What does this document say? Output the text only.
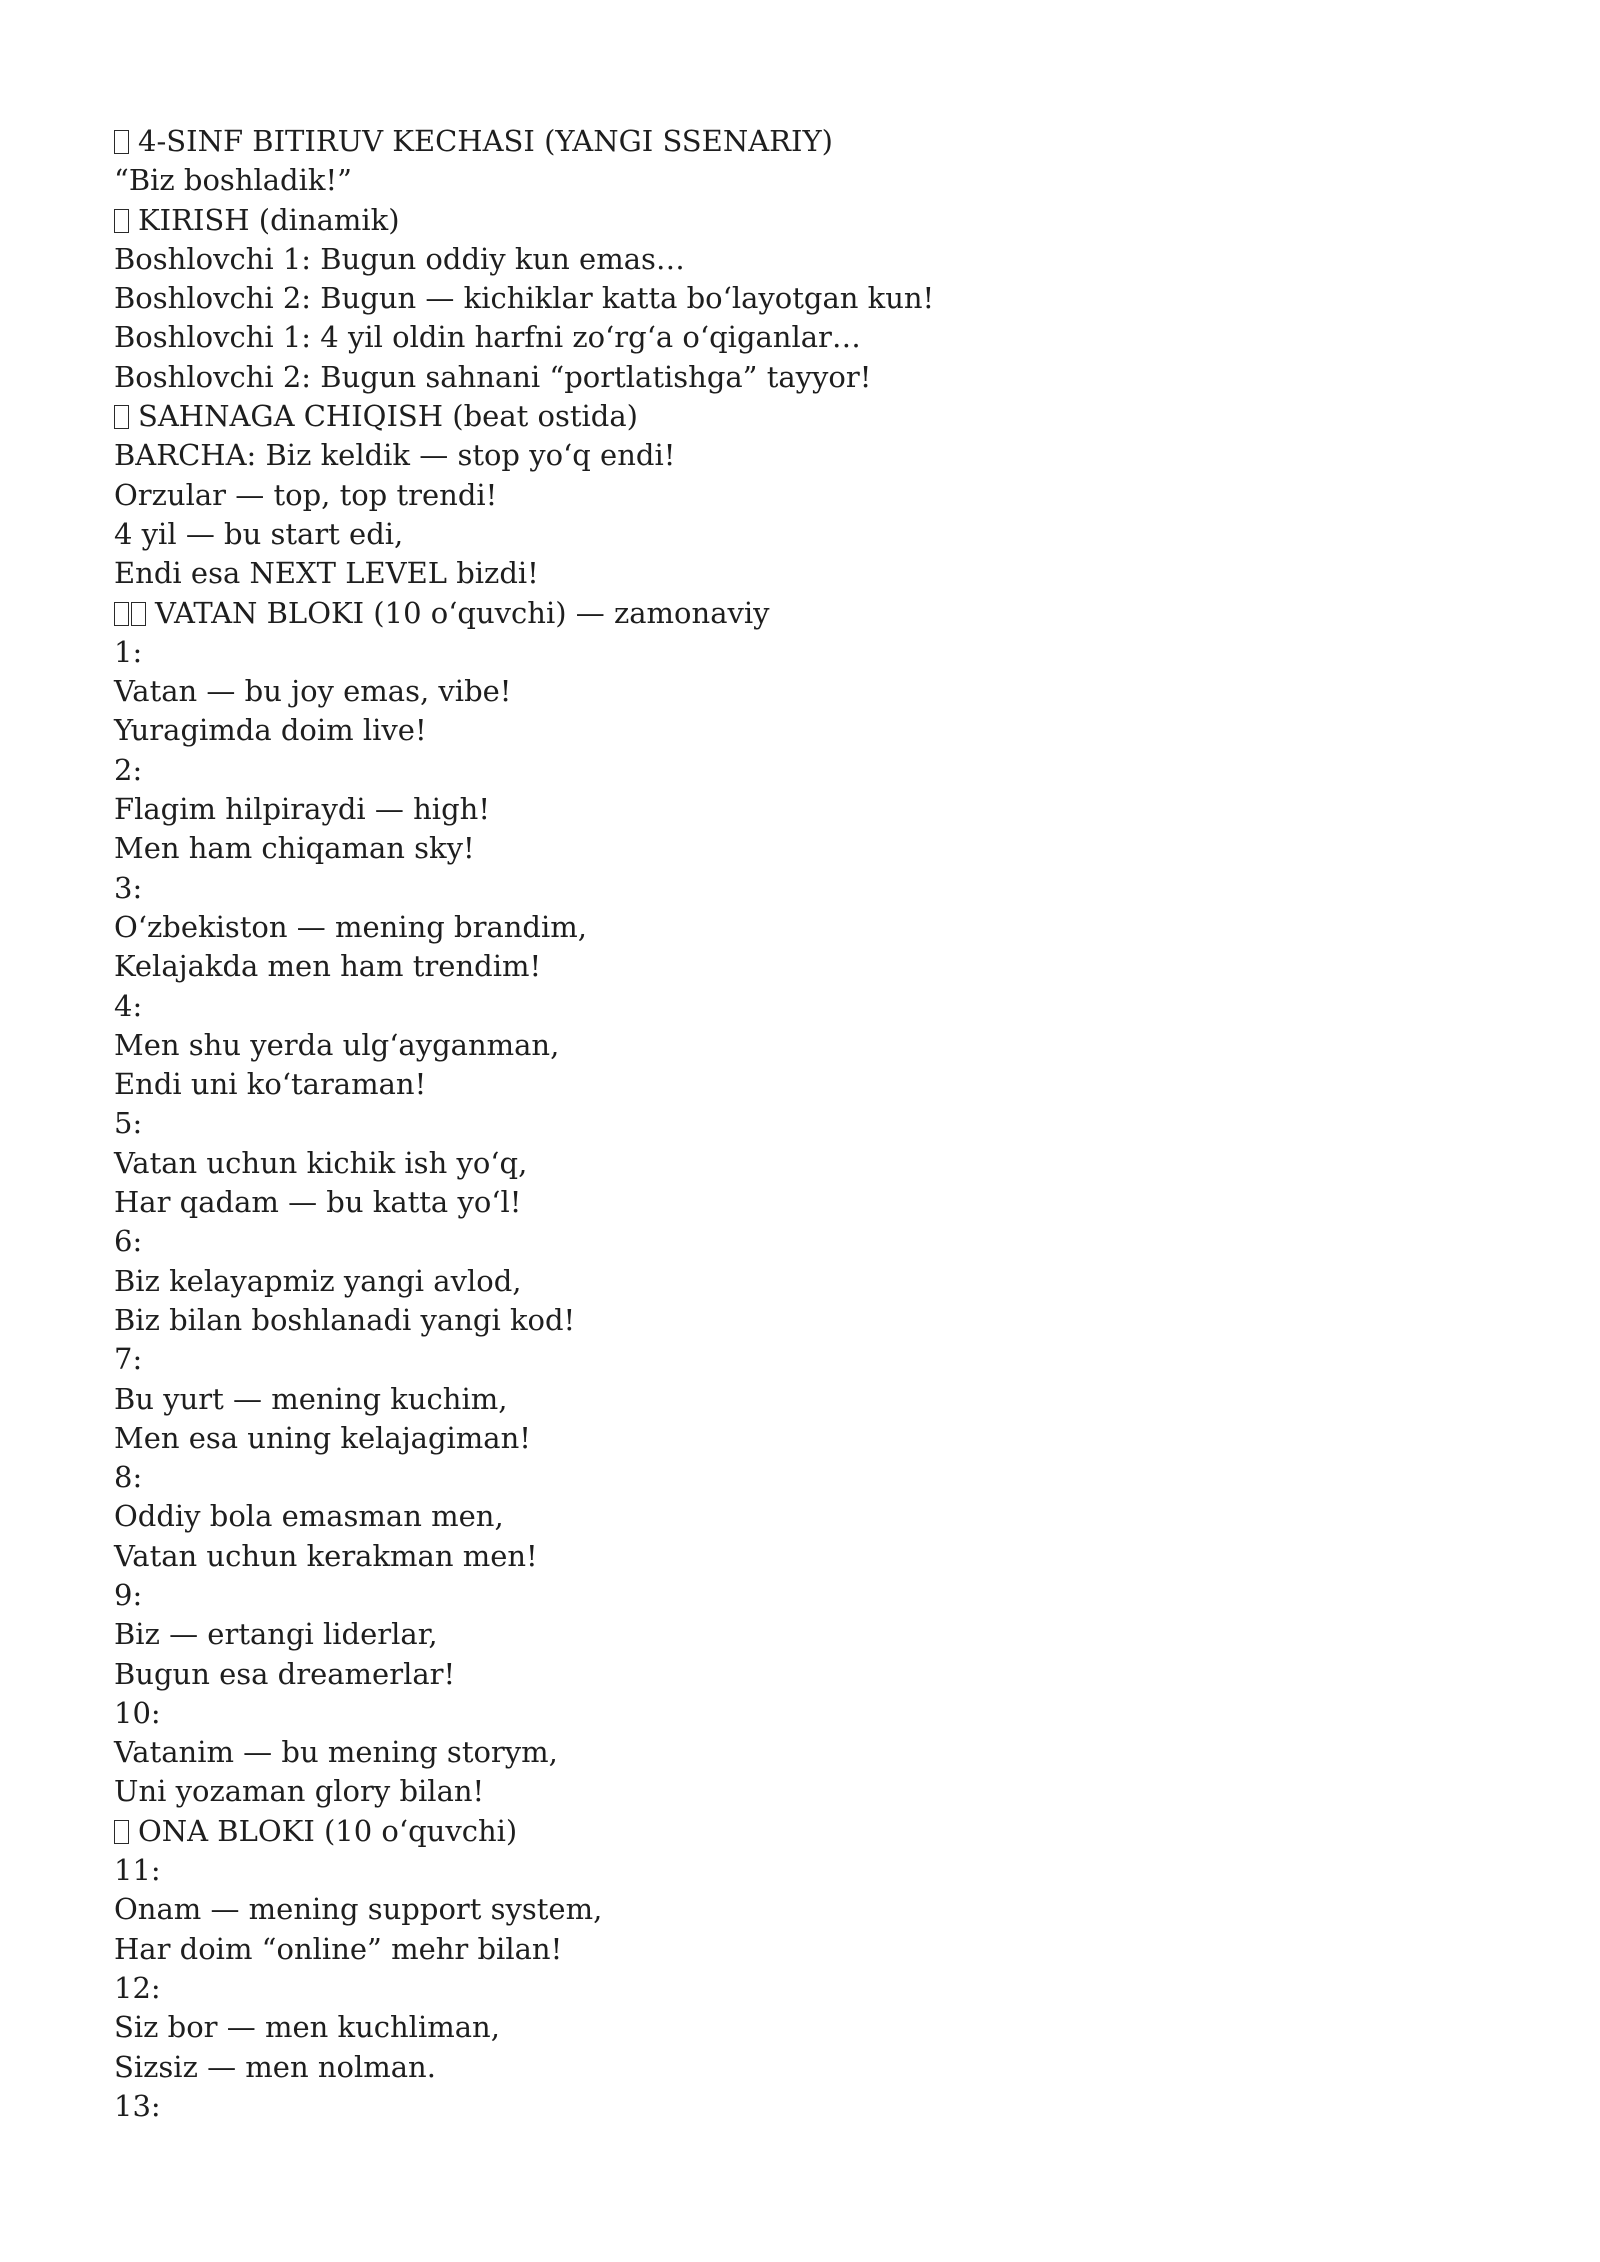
4-SINF BITIRUV KECHASI (YANGI SSENARIY)
“Biz boshladik!”
KIRISH (dinamik)
Boshlovchi 1: Bugun oddiy kun emas…
Boshlovchi 2: Bugun — kichiklar katta boʻlayotgan kun!
Boshlovchi 1: 4 yil oldin harfni zoʻrgʻa oʻqiganlar…
Boshlovchi 2: Bugun sahnani “portlatishga” tayyor!
SAHNAGA CHIQISH (beat ostida)
BARCHA: Biz keldik — stop yoʻq endi!
Orzular — top, top trendi!
4 yil — bu start edi,
Endi esa NEXT LEVEL bizdi!
VATAN BLOKI (10 oʻquvchi) — zamonaviy
1:
Vatan — bu joy emas, vibe!
Yuragimda doim live!
2:
Flagim hilpiraydi — high!
Men ham chiqaman sky!
3:
Oʻzbekiston — mening brandim,
Kelajakda men ham trendim!
4:
Men shu yerda ulgʻayganman,
Endi uni koʻtaraman!
5:
Vatan uchun kichik ish yoʻq,
Har qadam — bu katta yoʻl!
6:
Biz kelayapmiz yangi avlod,
Biz bilan boshlanadi yangi kod!
7:
Bu yurt — mening kuchim,
Men esa uning kelajagiman!
8:
Oddiy bola emasman men,
Vatan uchun kerakman men!
9:
Biz — ertangi liderlar,
Bugun esa dreamerlar!
10:
Vatanim — bu mening storym,
Uni yozaman glory bilan!
ONA BLOKI (10 oʻquvchi)
11:
Onam — mening support system,
Har doim “online” mehr bilan!
12:
Siz bor — men kuchliman,
Sizsiz — men nolman.
13:
